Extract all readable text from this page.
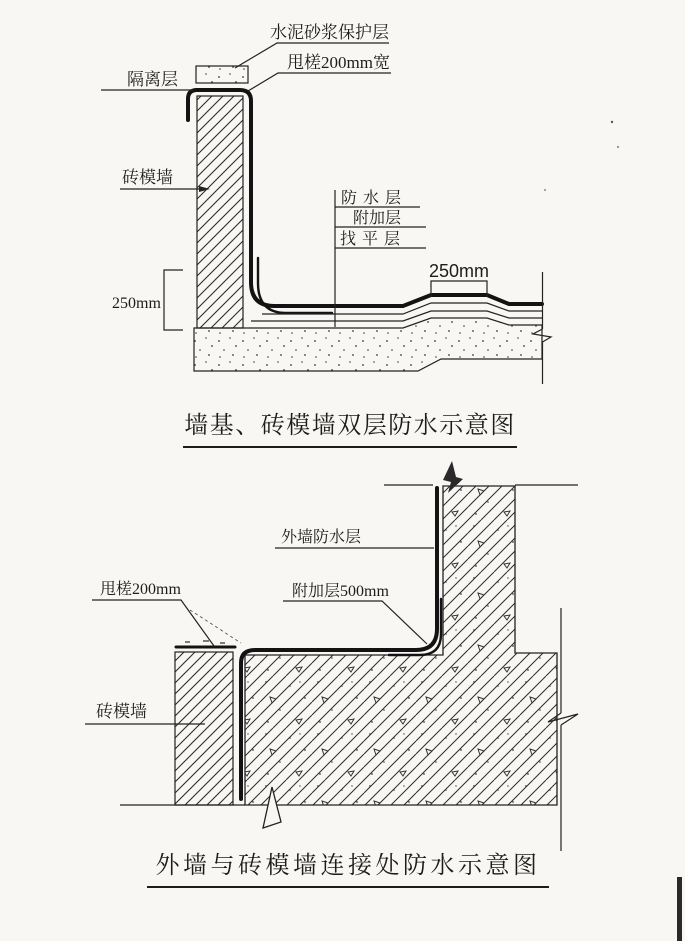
250mm
250mm
水泥砂浆保护层
甩槎200mm宽
隔离层
砖模墙
防水层
附加层
找平层
墙基、砖模墙双层防水示意图
外墙防水层
附加层500mm
甩槎200mm
砖模墙
外墙与砖模墙连接处防水示意图
